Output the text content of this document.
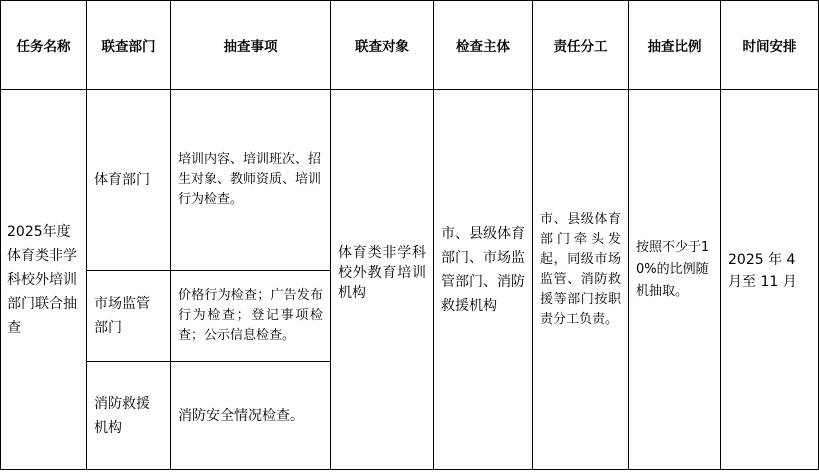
任务名称	联查部门	抽查事项	联查对象	检查主体	责任分工	抽查比例	时间安排
2025年度体育类非学科校外培训部门联合抽查	体育部门	培训内容、培训班次、招生对象、教师资质、培训行为检查。	体育类非学科校外教育培训机构	市、县级体育部门、市场监管部门、消防救援机构	市、县级体育部门牵头发起，同级市场监管、消防救援等部门按职责分工负责。	按照不少于10%的比例随机抽取。	2025 年 4 月至 11 月
	市场监管部门	价格行为检查；广告发布行为检查；登记事项检查；公示信息检查。					
	消防救援机构	消防安全情况检查。					
